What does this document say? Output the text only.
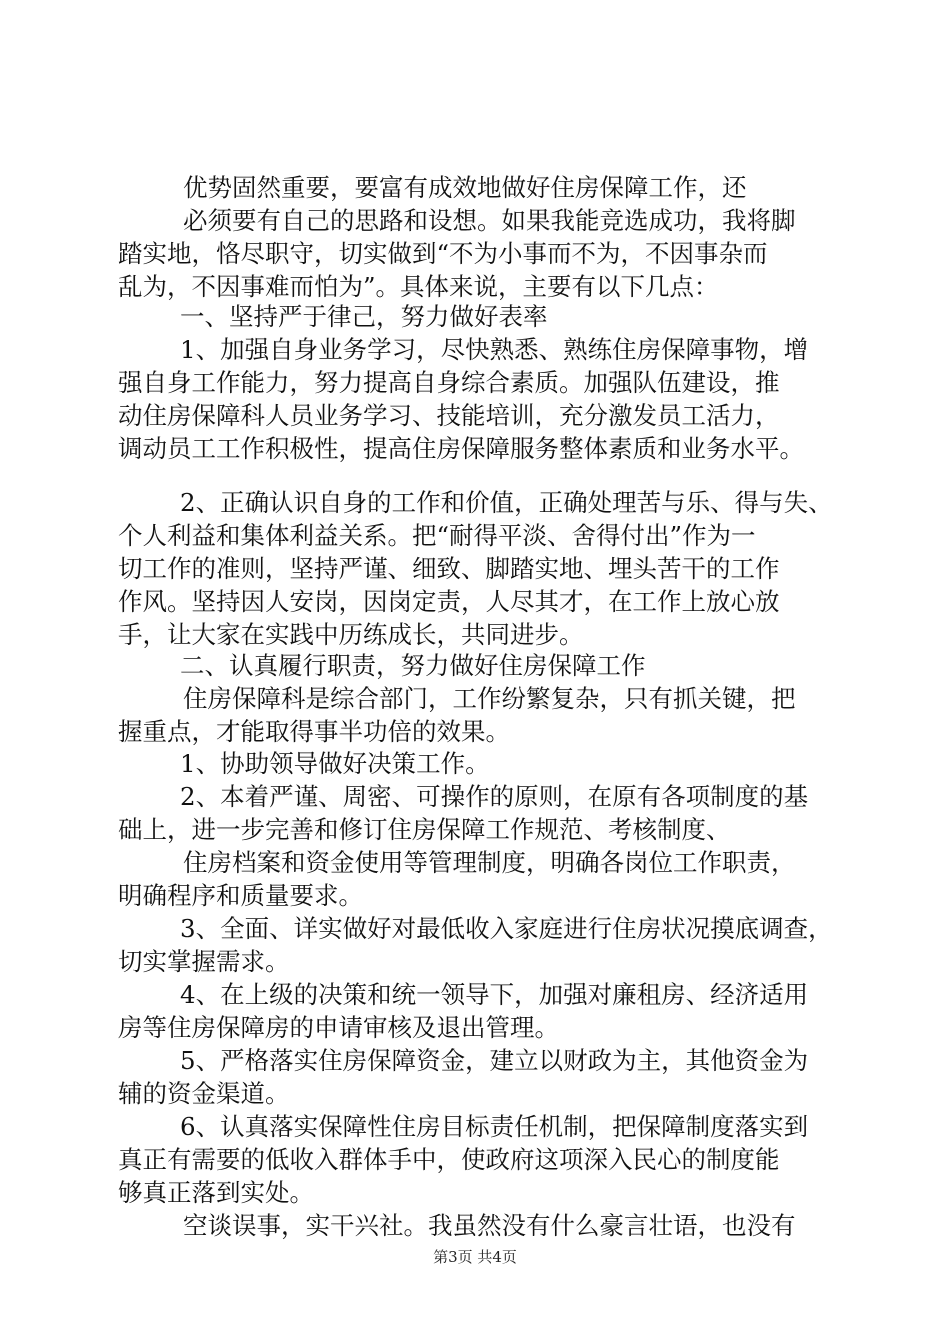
优势固然重要，要富有成效地做好住房保障工作，还
必须要有自己的思路和设想。如果我能竞选成功，我将脚
踏实地，恪尽职守，切实做到“不为小事而不为，不因事杂而
乱为，不因事难而怕为”。具体来说，主要有以下几点：
一、坚持严于律己，努力做好表率
1、加强自身业务学习，尽快熟悉、熟练住房保障事物，增
强自身工作能力，努力提高自身综合素质。加强队伍建设，推
动住房保障科人员业务学习、技能培训，充分激发员工活力，
调动员工工作积极性，提高住房保障服务整体素质和业务水平。
2、正确认识自身的工作和价值，正确处理苦与乐、得与失、
个人利益和集体利益关系。把“耐得平淡、舍得付出”作为一
切工作的准则，坚持严谨、细致、脚踏实地、埋头苦干的工作
作风。坚持因人安岗，因岗定责，人尽其才，在工作上放心放
手，让大家在实践中历练成长，共同进步。
二、认真履行职责，努力做好住房保障工作
住房保障科是综合部门，工作纷繁复杂，只有抓关键，把
握重点，才能取得事半功倍的效果。
1、协助领导做好决策工作。
2、本着严谨、周密、可操作的原则，在原有各项制度的基
础上，进一步完善和修订住房保障工作规范、考核制度、
住房档案和资金使用等管理制度，明确各岗位工作职责，
明确程序和质量要求。
3、全面、详实做好对最低收入家庭进行住房状况摸底调查，
切实掌握需求。
4、在上级的决策和统一领导下，加强对廉租房、经济适用
房等住房保障房的申请审核及退出管理。
5、严格落实住房保障资金，建立以财政为主，其他资金为
辅的资金渠道。
6、认真落实保障性住房目标责任机制，把保障制度落实到
真正有需要的低收入群体手中，使政府这项深入民心的制度能
够真正落到实处。
空谈误事，实干兴社。我虽然没有什么豪言壮语，也没有
第3页 共4页
